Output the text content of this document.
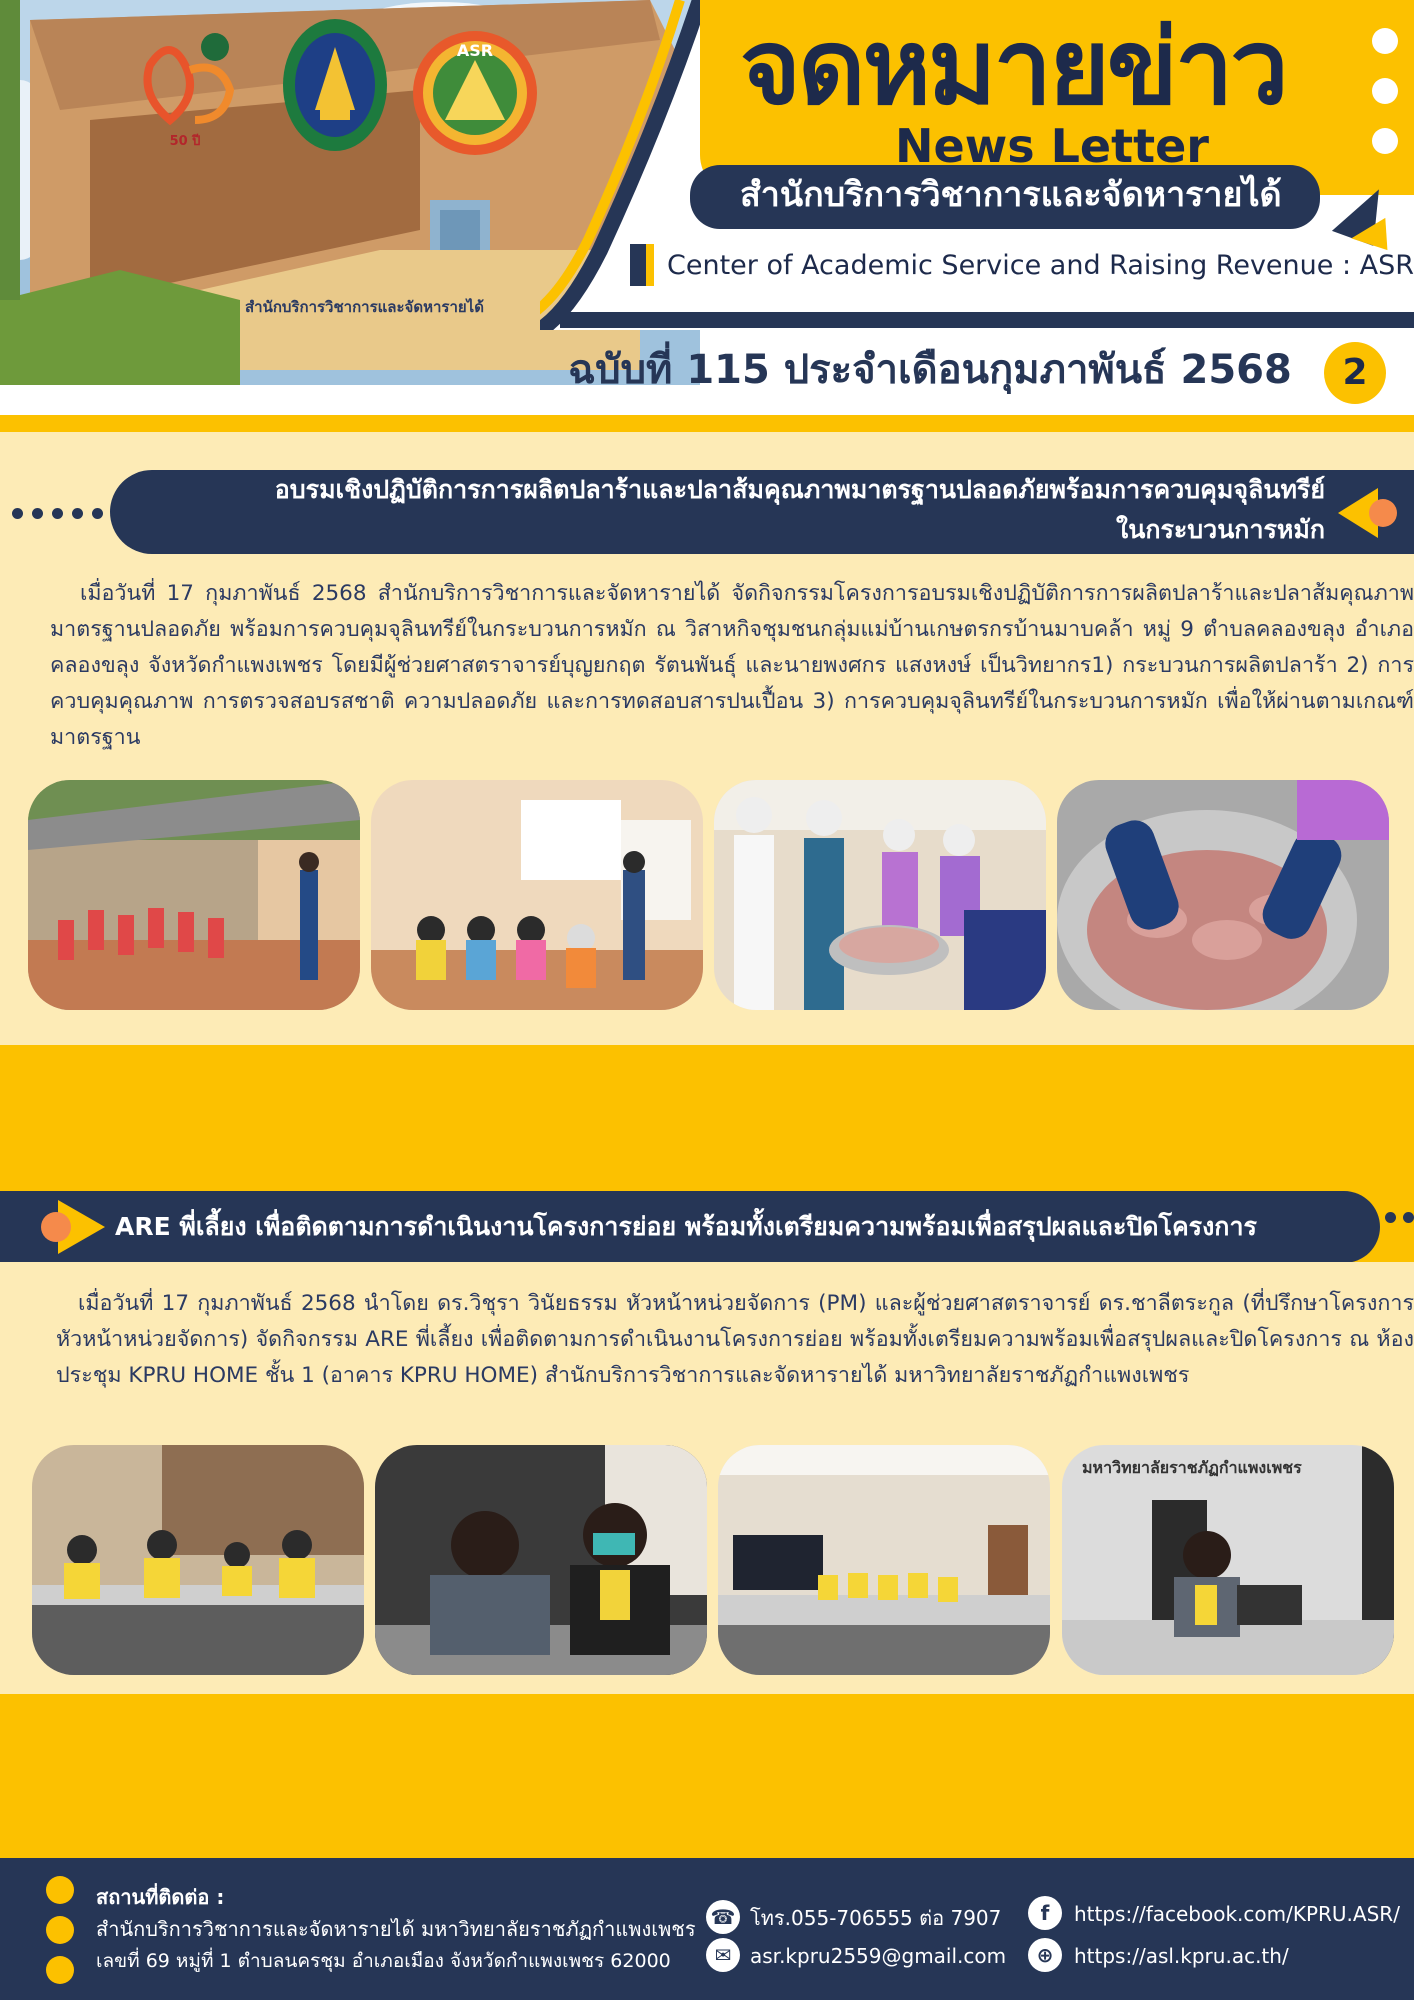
สำนักบริการวิชาการและจัดหารายได้
50 ปี
ASR จดหมายข่าว
News Letter
สำนักบริการวิชาการและจัดหารายได้
Center of Academic Service and Raising Revenue : ASR
ฉบับที่ 115 ประจำเดือนกุมภาพันธ์ 2568	2
อบรมเชิงปฏิบัติการการผลิตปลาร้าและปลาส้มคุณภาพมาตรฐานปลอดภัยพร้อมการควบคุมจุลินทรีย์
ในกระบวนการหมัก
เมื่อวันที่ 17 กุมภาพันธ์ 2568 สำนักบริการวิชาการและจัดหารายได้ จัดกิจกรรมโครงการอบรมเชิงปฏิบัติการการผลิตปลาร้าและปลาส้มคุณภาพมาตรฐานปลอดภัย พร้อมการควบคุมจุลินทรีย์ในกระบวนการหมัก ณ วิสาหกิจชุมชนกลุ่มแม่บ้านเกษตรกรบ้านมาบคล้า หมู่ 9 ตำบลคลองขลุง อำเภอคลองขลุง จังหวัดกำแพงเพชร โดยมีผู้ช่วยศาสตราจารย์บุญยกฤต รัตนพันธุ์ และนายพงศกร แสงหงษ์ เป็นวิทยากร1) กระบวนการผลิตปลาร้า 2) การควบคุมคุณภาพ การตรวจสอบรสชาติ ความปลอดภัย และการทดสอบสารปนเปื้อน 3) การควบคุมจุลินทรีย์ในกระบวนการหมัก เพื่อให้ผ่านตามเกณฑ์มาตรฐาน
ARE พี่เลี้ยง เพื่อติดตามการดำเนินงานโครงการย่อย พร้อมทั้งเตรียมความพร้อมเพื่อสรุปผลและปิดโครงการ
เมื่อวันที่ 17 กุมภาพันธ์ 2568 นำโดย ดร.วิชุรา วินัยธรรม หัวหน้าหน่วยจัดการ (PM) และผู้ช่วยศาสตราจารย์ ดร.ชาลีตระกูล (ที่ปรึกษาโครงการหัวหน้าหน่วยจัดการ) จัดกิจกรรม ARE พี่เลี้ยง เพื่อติดตามการดำเนินงานโครงการย่อย พร้อมทั้งเตรียมความพร้อมเพื่อสรุปผลและปิดโครงการ ณ ห้องประชุม KPRU HOME ชั้น 1 (อาคาร KPRU HOME) สำนักบริการวิชาการและจัดหารายได้ มหาวิทยาลัยราชภัฏกำแพงเพชร
มหาวิทยาลัยราชภัฏกำแพงเพชร
สถานที่ติดต่อ :
สำนักบริการวิชาการและจัดหารายได้ มหาวิทยาลัยราชภัฏกำแพงเพชร
เลขที่ 69 หมู่ที่ 1 ตำบลนครชุม อำเภอเมือง จังหวัดกำแพงเพชร 62000
☎ โทร.055-706555 ต่อ 7907
✉ asr.kpru2559@gmail.com
f	https://facebook.com/KPRU.ASR/
⊕	https://asl.kpru.ac.th/
